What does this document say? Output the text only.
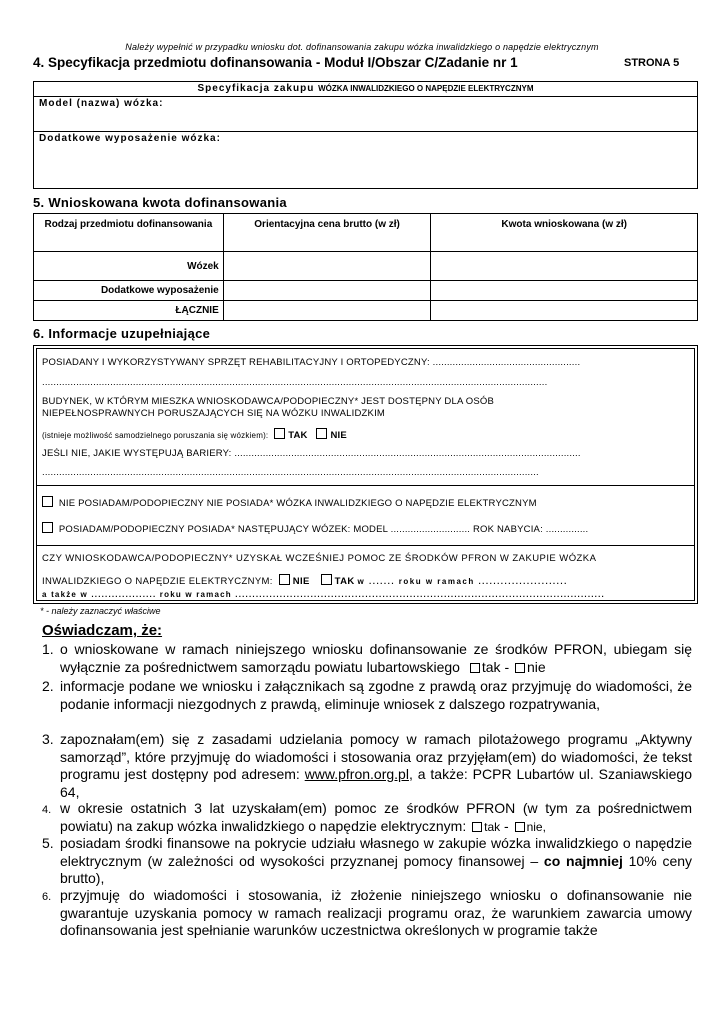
Należy wypełnić w przypadku wniosku dot. dofinansowania zakupu wózka inwalidzkiego o napędzie elektrycznym
4. Specyfikacja przedmiotu dofinansowania - Moduł I/Obszar C/Zadanie nr 1	STRONA 5
Specyfikacja zakupu WÓZKA INWALIDZKIEGO O NAPĘDZIE ELEKTRYCZNYM
Model (nazwa) wózka:
Dodatkowe wyposażenie wózka:
5. Wnioskowana kwota dofinansowania
Rodzaj przedmiotu dofinansowania	Orientacyjna cena brutto (w zł)	Kwota wnioskowana (w zł)
Wózek		
Dodatkowe wyposażenie		
ŁĄCZNIE		
6. Informacje uzupełniające
POSIADANY I WYKORZYSTYWANY SPRZĘT REHABILITACYJNY I ORTOPEDYCZNY: ....................................................
..................................................................................................................................................................................
BUDYNEK, W KTÓRYM MIESZKA WNIOSKODAWCA/PODOPIECZNY* JEST DOSTĘPNY DLA OSÓB
NIEPEŁNOSPRAWNYCH PORUSZAJĄCYCH SIĘ NA WÓZKU INWALIDZKIM
(istnieje możliwość samodzielnego poruszania się wózkiem): TAK NIE
JEŚLI NIE, JAKIE WYSTĘPUJĄ BARIERY: ..........................................................................................................................
...............................................................................................................................................................................
NIE POSIADAM/PODOPIECZNY NIE POSIADA* WÓZKA INWALIDZKIEGO O NAPĘDZIE ELEKTRYCZNYM
POSIADAM/PODOPIECZNY POSIADA* NASTĘPUJĄCY WÓZEK: MODEL ............................ ROK NABYCIA: ...............
CZY WNIOSKODAWCA/PODOPIECZNY* UZYSKAŁ WCZEŚNIEJ POMOC ZE ŚRODKÓW PFRON W ZAKUPIE WÓZKA
INWALIDZKIEGO O NAPĘDZIE ELEKTRYCZNYM: NIE	TAK w ....... roku w ramach ........................
a także w ................... roku w ramach ............................................................................................................
* - należy zaznaczyć właściwe
Oświadczam, że:
1. o wnioskowane w ramach niniejszego wniosku dofinansowanie ze środków PFRON, ubiegam się wyłącznie za pośrednictwem samorządu powiatu lubartowskiego tak - nie
2. informacje podane we wniosku i załącznikach są zgodne z prawdą oraz przyjmuję do wiadomości, że podanie informacji niezgodnych z prawdą, eliminuje wniosek z dalszego rozpatrywania,
3. zapoznałam(em) się z zasadami udzielania pomocy w ramach pilotażowego programu „Aktywny samorząd”, które przyjmuję do wiadomości i stosowania oraz przyjęłam(em) do wiadomości, że tekst programu jest dostępny pod adresem: www.pfron.org.pl, a także: PCPR Lubartów ul. Szaniawskiego 64,
4. w okresie ostatnich 3 lat uzyskałam(em) pomoc ze środków PFRON (w tym za pośrednictwem powiatu) na zakup wózka inwalidzkiego o napędzie elektrycznym: tak - nie,
5. posiadam środki finansowe na pokrycie udziału własnego w zakupie wózka inwalidzkiego o napędzie elektrycznym (w zależności od wysokości przyznanej pomocy finansowej – co najmniej 10% ceny brutto),
6. przyjmuję do wiadomości i stosowania, iż złożenie niniejszego wniosku o dofinansowanie nie gwarantuje uzyskania pomocy w ramach realizacji programu oraz, że warunkiem zawarcia umowy dofinansowania jest spełnianie warunków uczestnictwa określonych w programie także
